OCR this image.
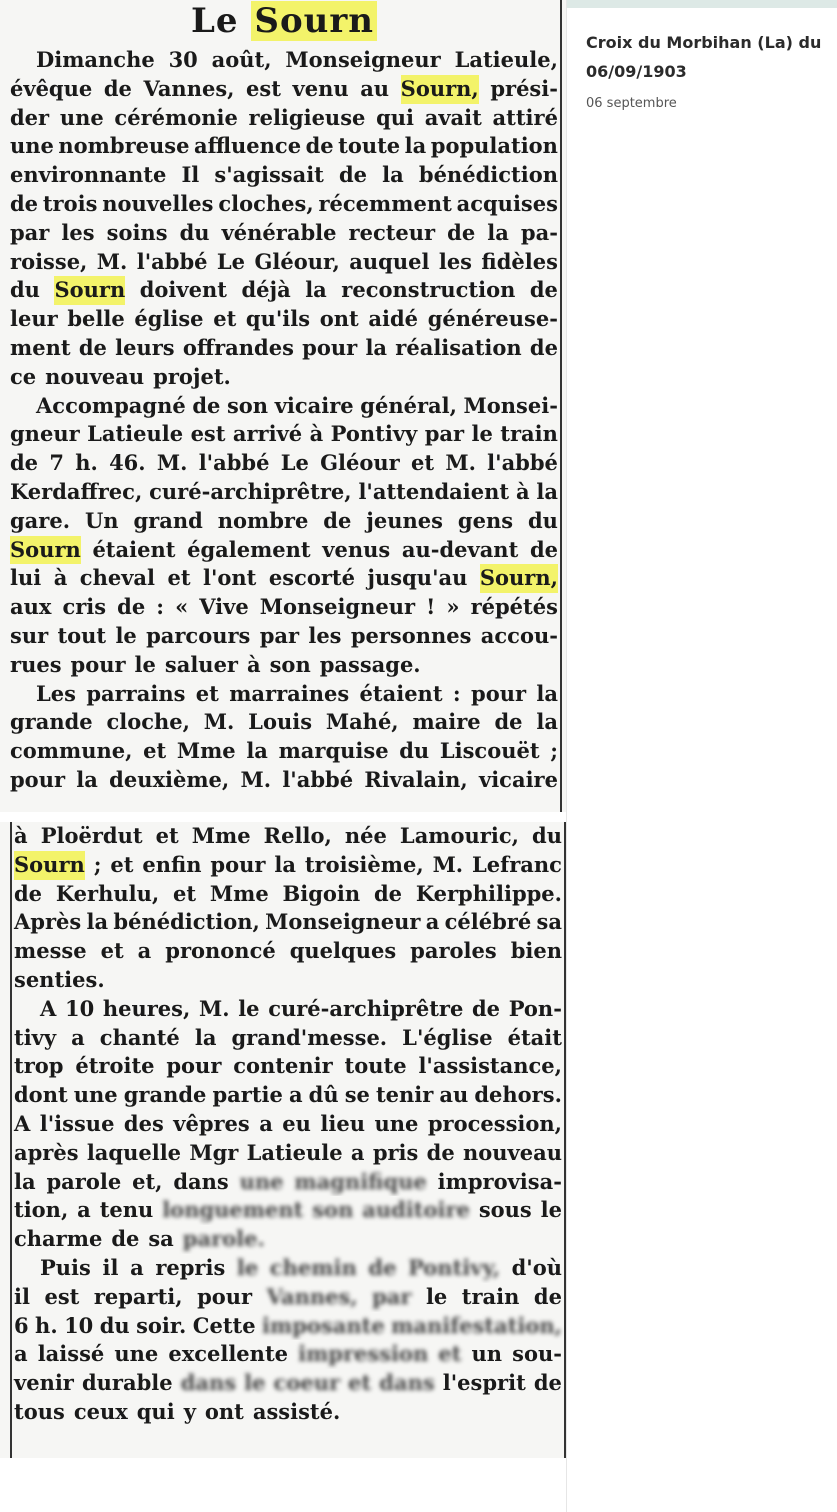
Le Sourn
Dimanche 30 août, Monseigneur Latieule,
évêque de Vannes, est venu au Sourn, prési-
der une cérémonie religieuse qui avait attiré
une nombreuse affluence de toute la population
environnante Il s'agissait de la bénédiction
de trois nouvelles cloches, récemment acquises
par les soins du vénérable recteur de la pa-
roisse, M. l'abbé Le Gléour, auquel les fidèles
du Sourn doivent déjà la reconstruction de
leur belle église et qu'ils ont aidé généreuse-
ment de leurs offrandes pour la réalisation de
ce nouveau projet.
Accompagné de son vicaire général, Monsei-
gneur Latieule est arrivé à Pontivy par le train
de 7 h. 46. M. l'abbé Le Gléour et M. l'abbé
Kerdaffrec, curé-archiprêtre, l'attendaient à la
gare. Un grand nombre de jeunes gens du
Sourn étaient également venus au-devant de
lui à cheval et l'ont escorté jusqu'au Sourn,
aux cris de : « Vive Monseigneur ! » répétés
sur tout le parcours par les personnes accou-
rues pour le saluer à son passage.
Les parrains et marraines étaient : pour la
grande cloche, M. Louis Mahé, maire de la
commune, et Mme la marquise du Liscouët ;
pour la deuxième, M. l'abbé Rivalain, vicaire
à Ploërdut et Mme Rello, née Lamouric, du
Sourn ; et enfin pour la troisième, M. Lefranc
de Kerhulu, et Mme Bigoin de Kerphilippe.
Après la bénédiction, Monseigneur a célébré sa
messe et a prononcé quelques paroles bien
senties.
A 10 heures, M. le curé-archiprêtre de Pon-
tivy a chanté la grand'messe. L'église était
trop étroite pour contenir toute l'assistance,
dont une grande partie a dû se tenir au dehors.
A l'issue des vêpres a eu lieu une procession,
après laquelle Mgr Latieule a pris de nouveau
la parole et, dans une magnifique improvisa-
tion, a tenu longuement son auditoire sous le
charme de sa parole.
Puis il a repris le chemin de Pontivy, d'où
il est reparti, pour Vannes, par le train de
6 h. 10 du soir. Cette imposante manifestation,
a laissé une excellente impression et un sou-
venir durable dans le coeur et dans l'esprit de
tous ceux qui y ont assisté.
Croix du Morbihan (La) du 06/09/1903
06 septembre
